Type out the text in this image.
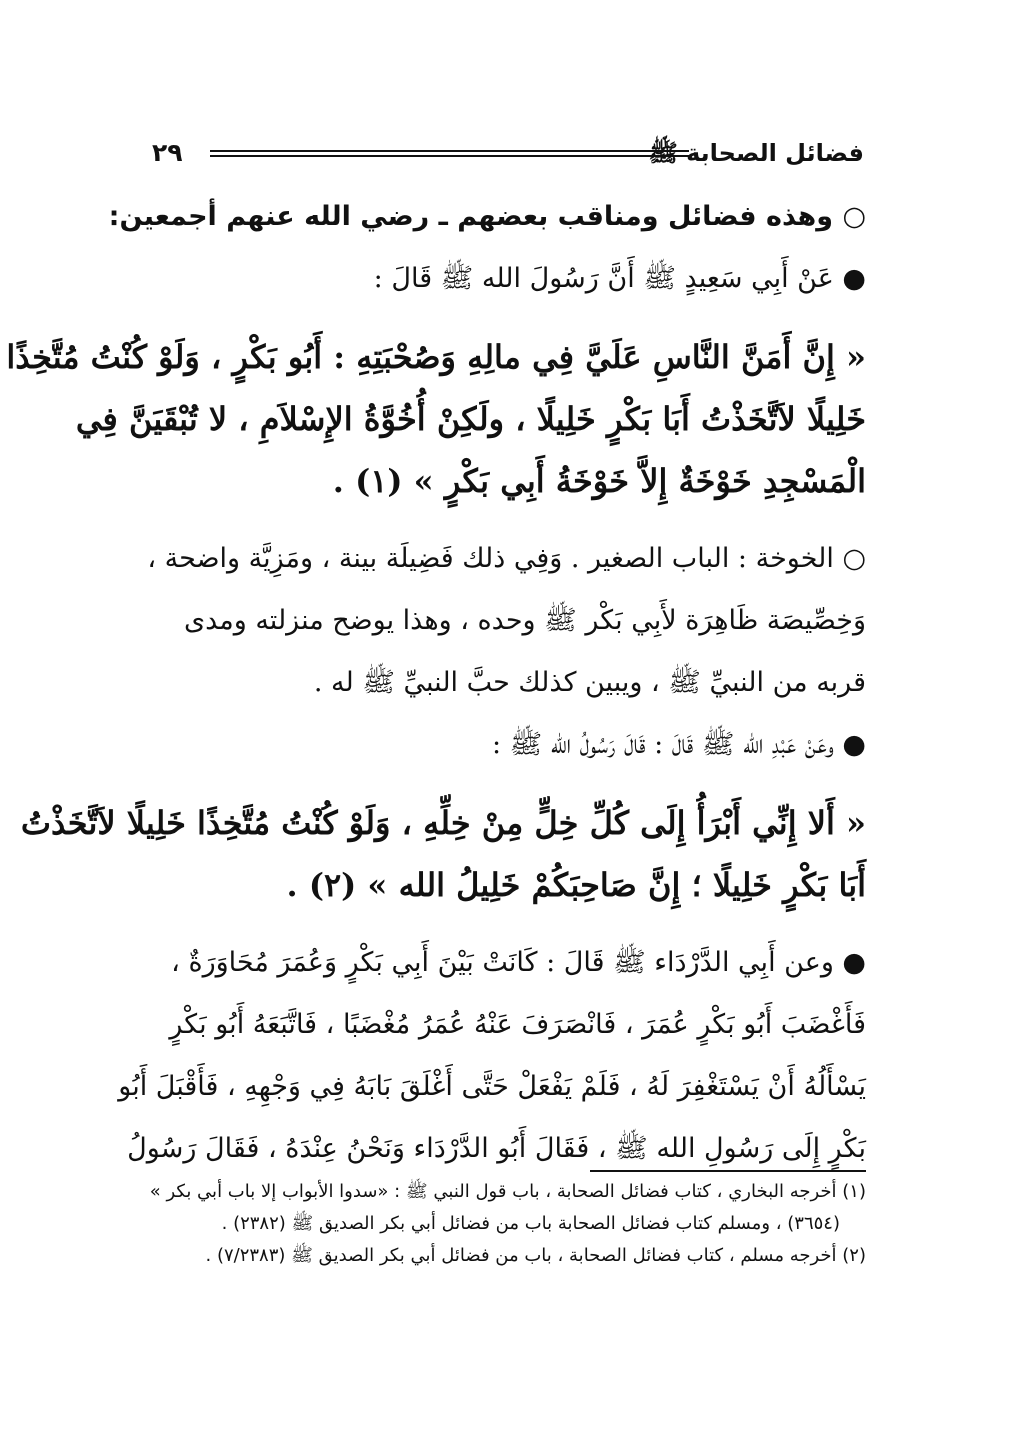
فضائل الصحابة ﷺ
٢٩
○ وهذه فضائل ومناقب بعضهم ـ رضي الله عنهم أجمعين:
● عَنْ أَبِي سَعِيدٍ ﷺ أَنَّ رَسُولَ الله ﷺ قَالَ :
« إِنَّ أَمَنَّ النَّاسِ عَلَيَّ فِي مالِهِ وَصُحْبَتِهِ : أَبُو بَكْرٍ ، وَلَوْ كُنْتُ مُتَّخِذًا
خَلِيلًا لاَتَّخَذْتُ أَبَا بَكْرٍ خَلِيلًا ، ولَكِنْ أُخُوَّةُ الإِسْلاَمِ ، لا تُبْقَيَنَّ فِي
الْمَسْجِدِ خَوْخَةٌ إِلاَّ خَوْخَةُ أَبِي بَكْرٍ » (١) .
○ الخوخة : الباب الصغير . وَفِي ذلك فَضِيلَة بينة ، ومَزِيَّة واضحة ،
وَخِصِّيصَة ظَاهِرَة لأَبِي بَكْر ﷺ وحده ، وهذا يوضح منزلته ومدى
قربه من النبيِّ ﷺ ، ويبين كذلك حبَّ النبيِّ ﷺ له .
● وعَنْ عَبْدِ الله ﷺ قَالَ : قَالَ رَسُولُ الله ﷺ :
« أَلا إِنِّي أَبْرَأُ إِلَى كُلِّ خِلٍّ مِنْ خِلِّهِ ، وَلَوْ كُنْتُ مُتَّخِذًا خَلِيلًا لاَتَّخَذْتُ
أَبَا بَكْرٍ خَلِيلًا ؛ إِنَّ صَاحِبَكُمْ خَلِيلُ الله » (٢) .
● وعن أَبِي الدَّرْدَاء ﷺ قَالَ : كَانَتْ بَيْنَ أَبِي بَكْرٍ وَعُمَرَ مُحَاوَرَةٌ ،
فَأَغْضَبَ أَبُو بَكْرٍ عُمَرَ ، فَانْصَرَفَ عَنْهُ عُمَرُ مُغْضَبًا ، فَاتَّبَعَهُ أَبُو بَكْرٍ
يَسْأَلُهُ أَنْ يَسْتَغْفِرَ لَهُ ، فَلَمْ يَفْعَلْ حَتَّى أَغْلَقَ بَابَهُ فِي وَجْهِهِ ، فَأَقْبَلَ أَبُو
بَكْرٍ إِلَى رَسُولِ الله ﷺ ، فَقَالَ أَبُو الدَّرْدَاء وَنَحْنُ عِنْدَهُ ، فَقَالَ رَسُولُ
(١) أخرجه البخاري ، كتاب فضائل الصحابة ، باب قول النبي ﷺ : «سدوا الأبواب إلا باب أبي بكر »
(٣٦٥٤) ، ومسلم كتاب فضائل الصحابة باب من فضائل أبي بكر الصديق ﷺ (٢٣٨٢) .
(٢) أخرجه مسلم ، كتاب فضائل الصحابة ، باب من فضائل أبي بكر الصديق ﷺ (٧/٢٣٨٣) .
